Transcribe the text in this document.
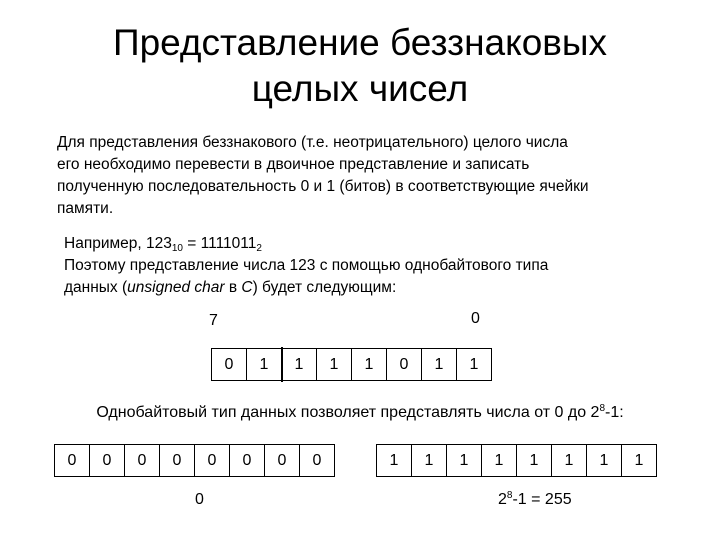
Представление беззнаковых
целых чисел
Для представления беззнакового (т.е. неотрицательного) целого числа
его необходимо перевести в двоичное представление и записать
полученную последовательность 0 и 1 (битов) в соответствующие ячейки
памяти.
Например, $123_{10} = 1111011_2$
Поэтому представление числа 123 с помощью однобайтового типа
данных (unsigned char в C) будет следующим:
7	0
0	1	1	1	1	0	1	1
Однобайтовый тип данных позволяет представлять числа от 0 до $2^8-1$:
0	0	0	0	0	0	0	0	1	1	1	1	1	1	1	1
0	$2^8-1 = 255$
